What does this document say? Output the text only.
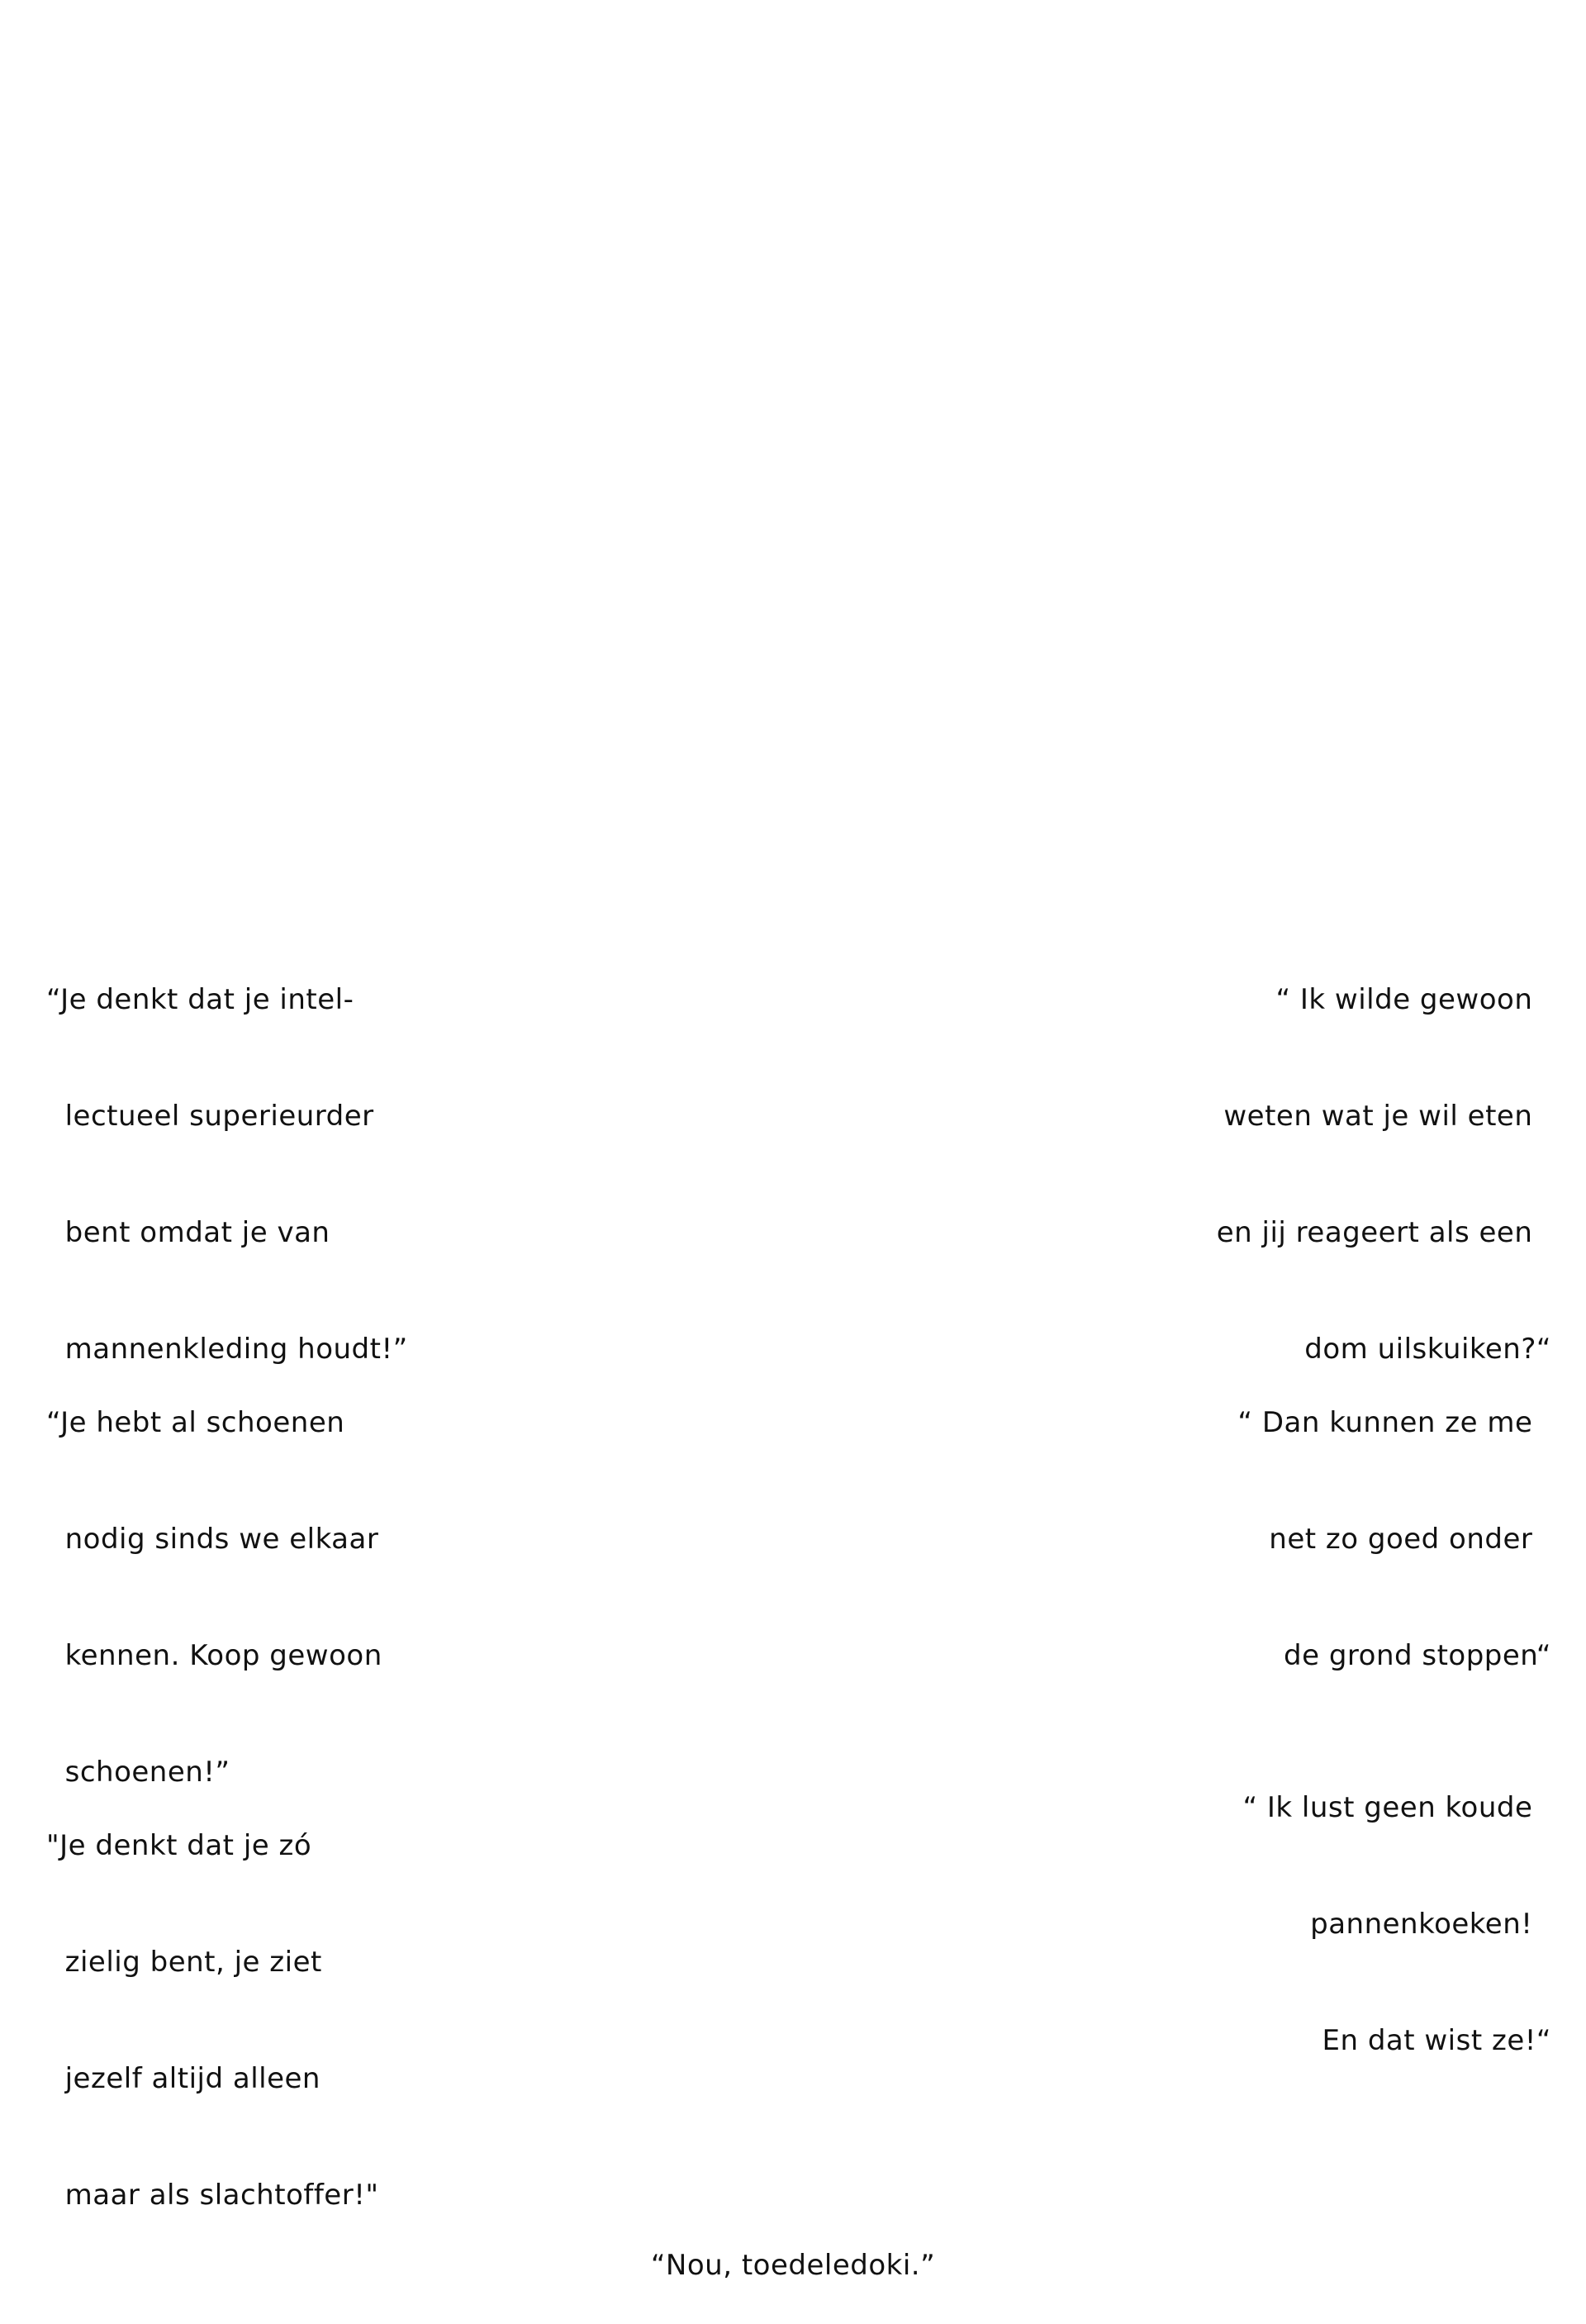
“Je denkt dat je intel-

lectueel superieurder

bent omdat je van

mannenkleding houdt!”

“ Ik wilde gewoon

weten wat je wil eten

en jij reageert als een

dom uilskuiken?“

“Je hebt al schoenen

nodig sinds we elkaar

kennen. Koop gewoon

schoenen!”

“ Dan kunnen ze me

net zo goed onder

de grond stoppen“

"Je denkt dat je zó

zielig bent, je ziet

jezelf altijd alleen

maar als slachtoffer!"

“ Ik lust geen koude

pannenkoeken!

En dat wist ze!“

“Nou, toedeledoki.”
